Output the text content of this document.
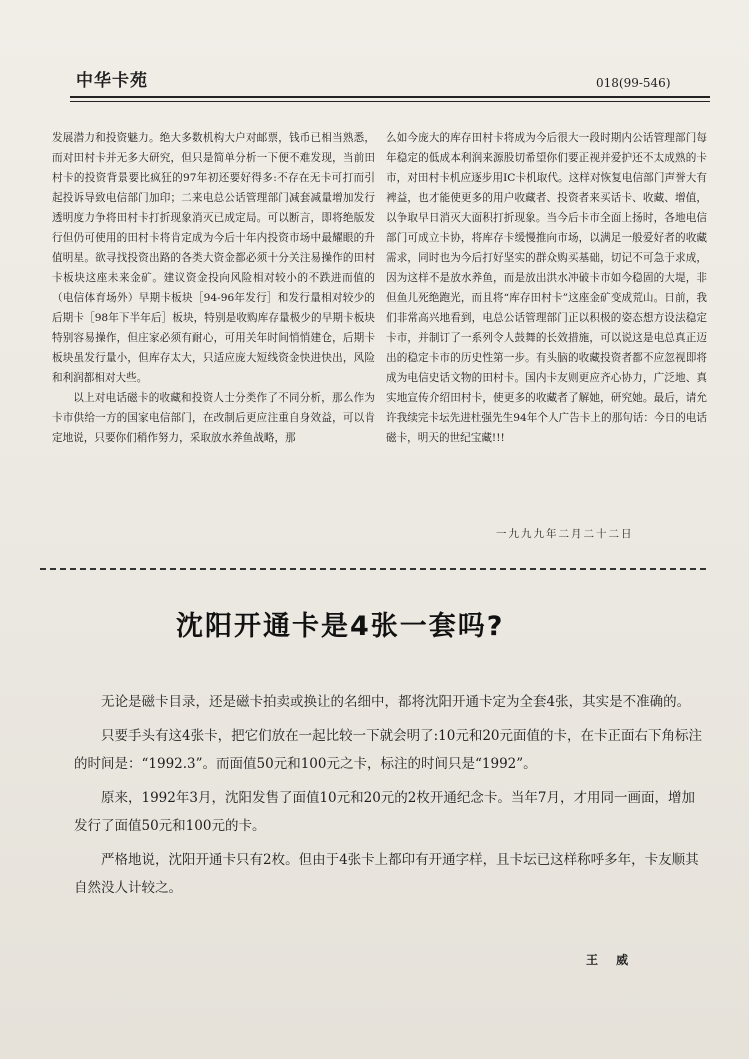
中华卡苑	018(99-546)

发展潜力和投资魅力。绝大多数机构大户对邮票，钱币已相当熟悉，而对田村卡并无多大研究，但只是简单分析一下便不难发现，当前田村卡的投资背景要比疯狂的97年初还要好得多:不存在无卡可打而引起投诉导致电信部门加印；二来电总公话管理部门减套减量增加发行透明度力争将田村卡打折现象消灭已成定局。可以断言，即将绝版发行但仍可使用的田村卡将肯定成为今后十年内投资市场中最耀眼的升值明星。欲寻找投资出路的各类大资金都必须十分关注易操作的田村卡板块这座未来金矿。建议资金投向风险相对较小的不跌进而值的（电信体育场外）早期卡板块［94-96年发行］和发行量相对较少的后期卡［98年下半年后］板块，特别是收购库存量极少的早期卡板块特别容易操作，但庄家必须有耐心，可用关年时间悄悄建仓，后期卡板块虽发行量小，但库存太大，只适应庞大短线资金快进快出，风险和利润都相对大些。

以上对电话磁卡的收藏和投资人士分类作了不同分析，那么作为卡市供给一方的国家电信部门，在改制后更应注重自身效益，可以肯定地说，只要你们稍作努力，采取放水养鱼战略，那

么如今庞大的库存田村卡将成为今后很大一段时期内公话管理部门每年稳定的低成本利润来源股切希望你们要正视并爱护还不太成熟的卡市，对田村卡机应逐步用IC卡机取代。这样对恢复电信部门声誉大有裨益，也才能使更多的用户收藏者、投资者来买话卡、收藏、增值，以争取早日消灭大面积打折现象。当今后卡市全面上扬时，各地电信部门可成立卡协，将库存卡缓慢推向市场，以满足一般爱好者的收藏需求，同时也为今后打好坚实的群众购买基础，切记不可急于求成，因为这样不是放水养鱼，而是放出洪水冲破卡市如今稳固的大堤，非但鱼儿死绝跑光，而且将“库存田村卡”这座金矿变成荒山。日前，我们非常高兴地看到，电总公话管理部门正以积极的姿态想方设法稳定卡市，并制订了一系列令人鼓舞的长效措施，可以说这是电总真正迈出的稳定卡市的历史性第一步。有头脑的收藏投资者都不应忽视即将成为电信史话文物的田村卡。国内卡友则更应齐心协力，广泛地、真实地宣传介绍田村卡，使更多的收藏者了解她，研究她。最后，请允许我续完卡坛先进杜强先生94年个人广告卡上的那句话：今日的电话磁卡，明天的世纪宝藏!!!

一九九九年二月二十二日
沈阳开通卡是4张一套吗?

无论是磁卡目录，还是磁卡拍卖或换让的名细中，都将沈阳开通卡定为全套4张，其实是不准确的。

只要手头有这4张卡，把它们放在一起比较一下就会明了:10元和20元面值的卡，在卡正面右下角标注的时间是：“1992.3”。而面值50元和100元之卡，标注的时间只是“1992”。

原来，1992年3月，沈阳发售了面值10元和20元的2枚开通纪念卡。当年7月，才用同一画面，增加发行了面值50元和100元的卡。

严格地说，沈阳开通卡只有2枚。但由于4张卡上都印有开通字样，且卡坛已这样称呼多年，卡友顺其自然没人计较之。

王 威
